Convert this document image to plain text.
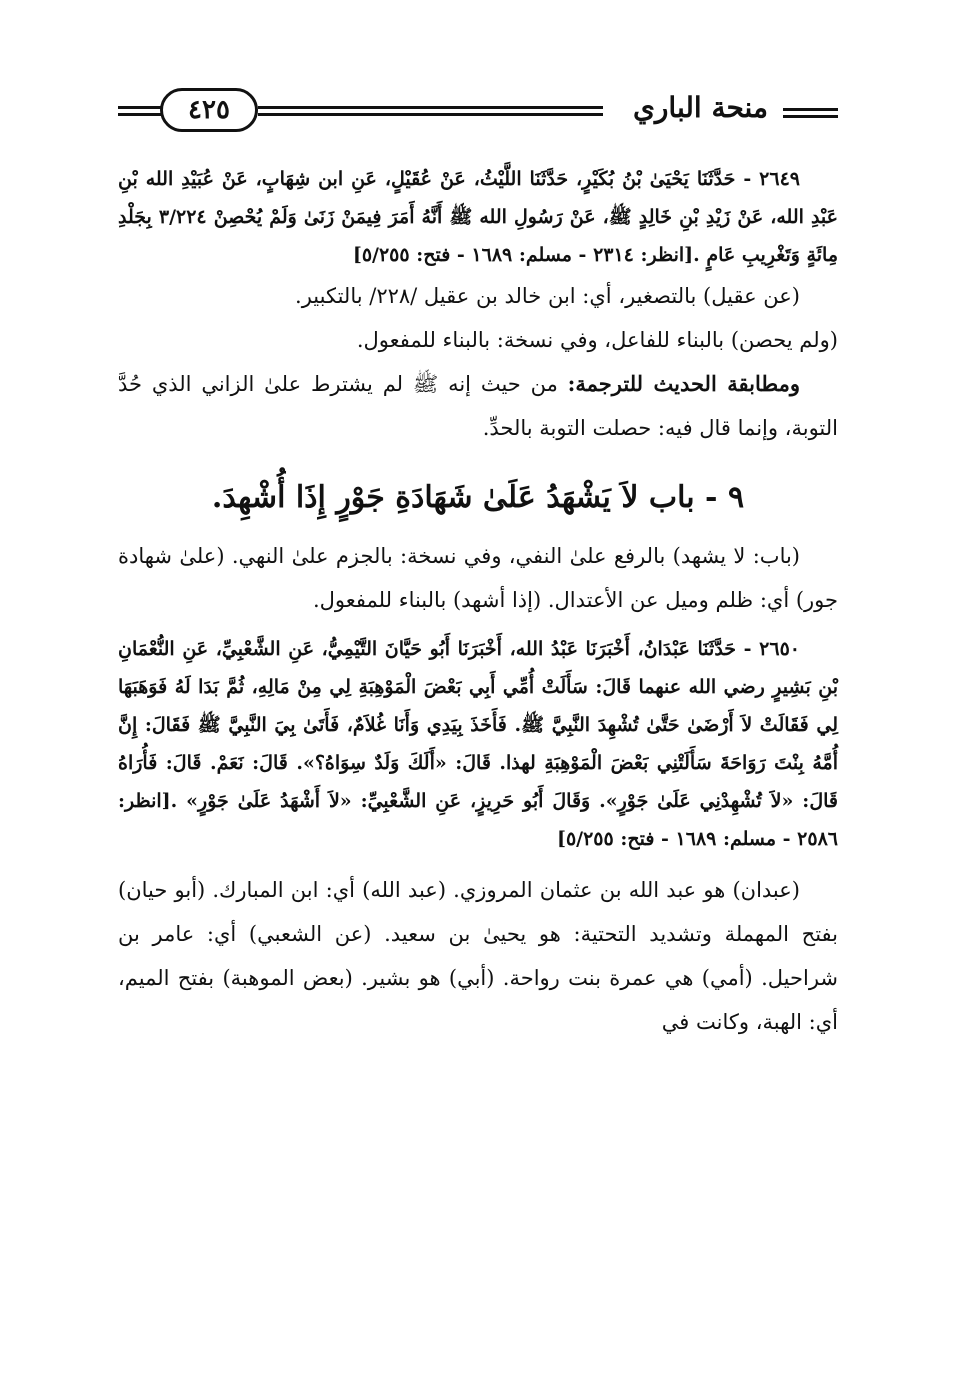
منحة الباري
٤٢٥

٢٦٤٩ - حَدَّثَنَا يَحْيَىٰ بْنُ بُكَيْرٍ، حَدَّثَنَا اللَّيْثُ، عَنْ عُقَيْلٍ، عَنِ ابن شِهَابٍ، عَنْ عُبَيْدِ الله بْنِ عَبْدِ الله، عَنْ زَيْدِ بْنِ خَالِدٍ ﷺ، عَنْ رَسُولِ الله ﷺ أَنَّهُ أَمَرَ فِيمَنْ زَنَىٰ وَلَمْ يُحْصِنْ ٣/٢٢٤ بِجَلْدِ مِائَةٍ وَتَغْرِيبِ عَامٍ .[انظر: ٢٣١٤ - مسلم: ١٦٨٩ - فتح: ٥/٢٥٥]

(عن عقيل) بالتصغير، أي: ابن خالد بن عقيل /٢٢٨/ بالتكبير.

(ولم يحصن) بالبناء للفاعل، وفي نسخة: بالبناء للمفعول.

ومطابقة الحديث للترجمة: من حيث إنه ﷺ لم يشترط علىٰ الزاني الذي حُدَّ التوبة، وإنما قال فيه: حصلت التوبة بالحدِّ.

٩ - باب لاَ يَشْهَدُ عَلَىٰ شَهَادَةِ جَوْرٍ إِذَا أُشْهِدَ.

(باب: لا يشهد) بالرفع علىٰ النفي، وفي نسخة: بالجزم علىٰ النهي. (علىٰ شهادة جور) أي: ظلم وميل عن الأعتدال. (إذا أشهد) بالبناء للمفعول.

٢٦٥٠ - حَدَّثَنَا عَبْدَانُ، أَخْبَرَنَا عَبْدُ الله، أَخْبَرَنَا أَبُو حَيَّانَ التَّيْمِيُّ، عَنِ الشَّعْبِيِّ، عَنِ النُّعْمَانِ بْنِ بَشِيرٍ رضي الله عنهما قَالَ: سَأَلَتْ أُمِّي أَبِي بَعْضَ الْمَوْهِبَةِ لِي مِنْ مَالِهِ، ثُمَّ بَدَا لَهُ فَوَهَبَهَا لِي فَقَالَتْ لاَ أَرْضَىٰ حَتَّىٰ تُشْهِدَ النَّبِيَّ ﷺ. فَأَخَذَ بِيَدِي وَأَنَا غُلاَمٌ، فَأَتَىٰ بِيَ النَّبِيَّ ﷺ فَقَالَ: إِنَّ أُمَّهُ بِنْتَ رَوَاحَةَ سَأَلَتْنِي بَعْضَ الْمَوْهِبَةِ لهذا. قَالَ: «أَلَكَ وَلَدٌ سِوَاهُ؟». قَالَ: نَعَمْ. قَالَ: فَأُرَاهُ قَالَ: «لاَ تُشْهِدْنِي عَلَىٰ جَوْرٍ». وَقَالَ أَبُو حَرِيزٍ، عَنِ الشَّعْبِيِّ: «لاَ أَشْهَدُ عَلَىٰ جَوْرٍ» .[انظر: ٢٥٨٦ - مسلم: ١٦٨٩ - فتح: ٥/٢٥٥]

(عبدان) هو عبد الله بن عثمان المروزي. (عبد الله) أي: ابن المبارك. (أبو حيان) بفتح المهملة وتشديد التحتية: هو يحيىٰ بن سعيد. (عن الشعبي) أي: عامر بن شراحيل. (أمي) هي عمرة بنت رواحة. (أبي) هو بشير. (بعض الموهبة) بفتح الميم، أي: الهبة، وكانت في
